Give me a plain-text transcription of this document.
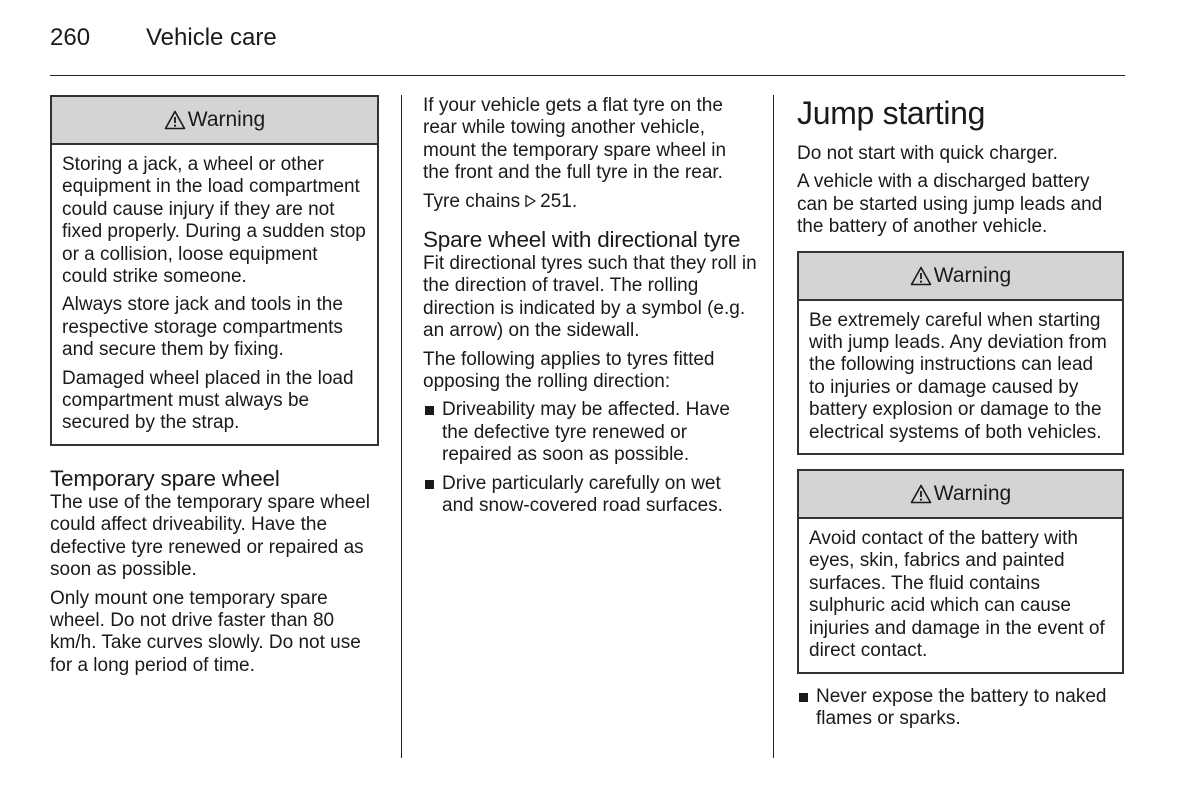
260 Vehicle care
Warning

Storing a jack, a wheel or other equipment in the load compartment could cause injury if they are not fixed properly. During a sudden stop or a collision, loose equipment could strike someone.

Always store jack and tools in the respective storage compartments and secure them by fixing.

Damaged wheel placed in the load compartment must always be secured by the strap.

Temporary spare wheel

The use of the temporary spare wheel could affect driveability. Have the defective tyre renewed or repaired as soon as possible.

Only mount one temporary spare wheel. Do not drive faster than 80 km/h. Take curves slowly. Do not use for a long period of time.

If your vehicle gets a flat tyre on the rear while towing another vehicle, mount the temporary spare wheel in the front and the full tyre in the rear.

Tyre chains 251.

Spare wheel with directional tyre

Fit directional tyres such that they roll in the direction of travel. The rolling direction is indicated by a symbol (e.g. an arrow) on the sidewall.

The following applies to tyres fitted opposing the rolling direction:

Driveability may be affected. Have the defective tyre renewed or repaired as soon as possible.
Drive particularly carefully on wet and snow-covered road surfaces.
Jump starting

Do not start with quick charger.

A vehicle with a discharged battery can be started using jump leads and the battery of another vehicle.

Warning

Be extremely careful when starting with jump leads. Any deviation from the following instructions can lead to injuries or damage caused by battery explosion or damage to the electrical systems of both vehicles.

Warning

Avoid contact of the battery with eyes, skin, fabrics and painted surfaces. The fluid contains sulphuric acid which can cause injuries and damage in the event of direct contact.

Never expose the battery to naked flames or sparks.
